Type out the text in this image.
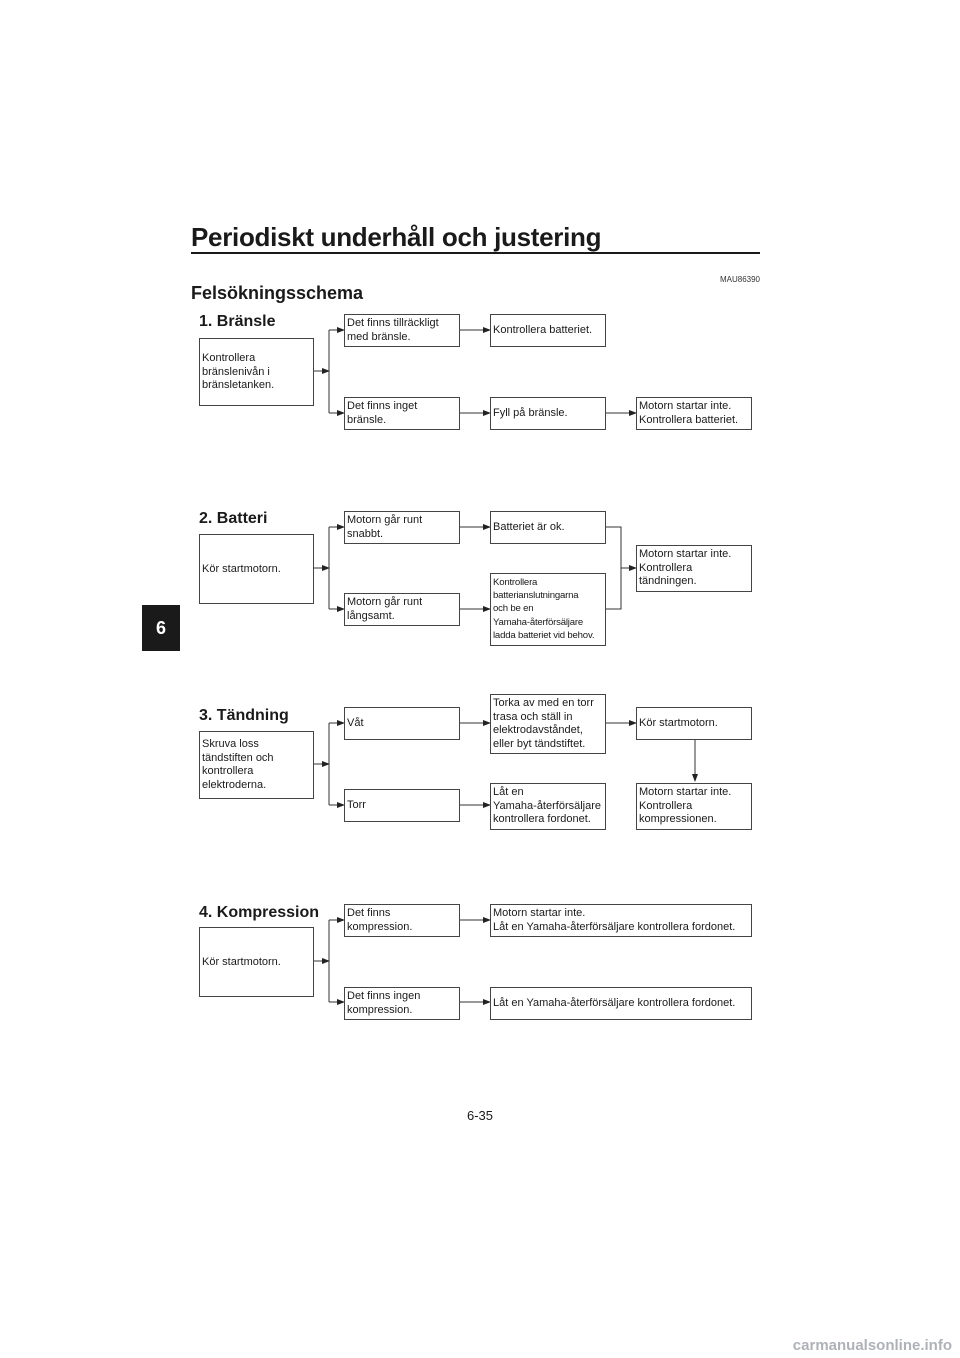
Periodiskt underhåll och justering
MAU86390
Felsökningsschema
6
1. Bränsle
Kontrollera
bränslenivån i
bränsletanken.
Det finns tillräckligt
med bränsle.
Kontrollera batteriet.
Det finns inget
bränsle.
Fyll på bränsle.
Motorn startar inte.
Kontrollera batteriet.
2. Batteri
Kör startmotorn.
Motorn går runt
snabbt.
Batteriet är ok.
Motorn går runt
långsamt.
Kontrollera
batterianslutningarna
och be en
Yamaha-återförsäljare
ladda batteriet vid behov.
Motorn startar inte.
Kontrollera
tändningen.
3. Tändning
Skruva loss
tändstiften och
kontrollera
elektroderna.
Våt
Torka av med en torr
trasa och ställ in
elektrodavståndet,
eller byt tändstiftet.
Kör startmotorn.
Torr
Låt en
Yamaha-återförsäljare
kontrollera fordonet.
Motorn startar inte.
Kontrollera
kompressionen.
4. Kompression
Kör startmotorn.
Det finns
kompression.
Motorn startar inte.
Låt en Yamaha-återförsäljare kontrollera fordonet.
Det finns ingen
kompression.
Låt en Yamaha-återförsäljare kontrollera fordonet.
6-35
carmanualsonline.info
